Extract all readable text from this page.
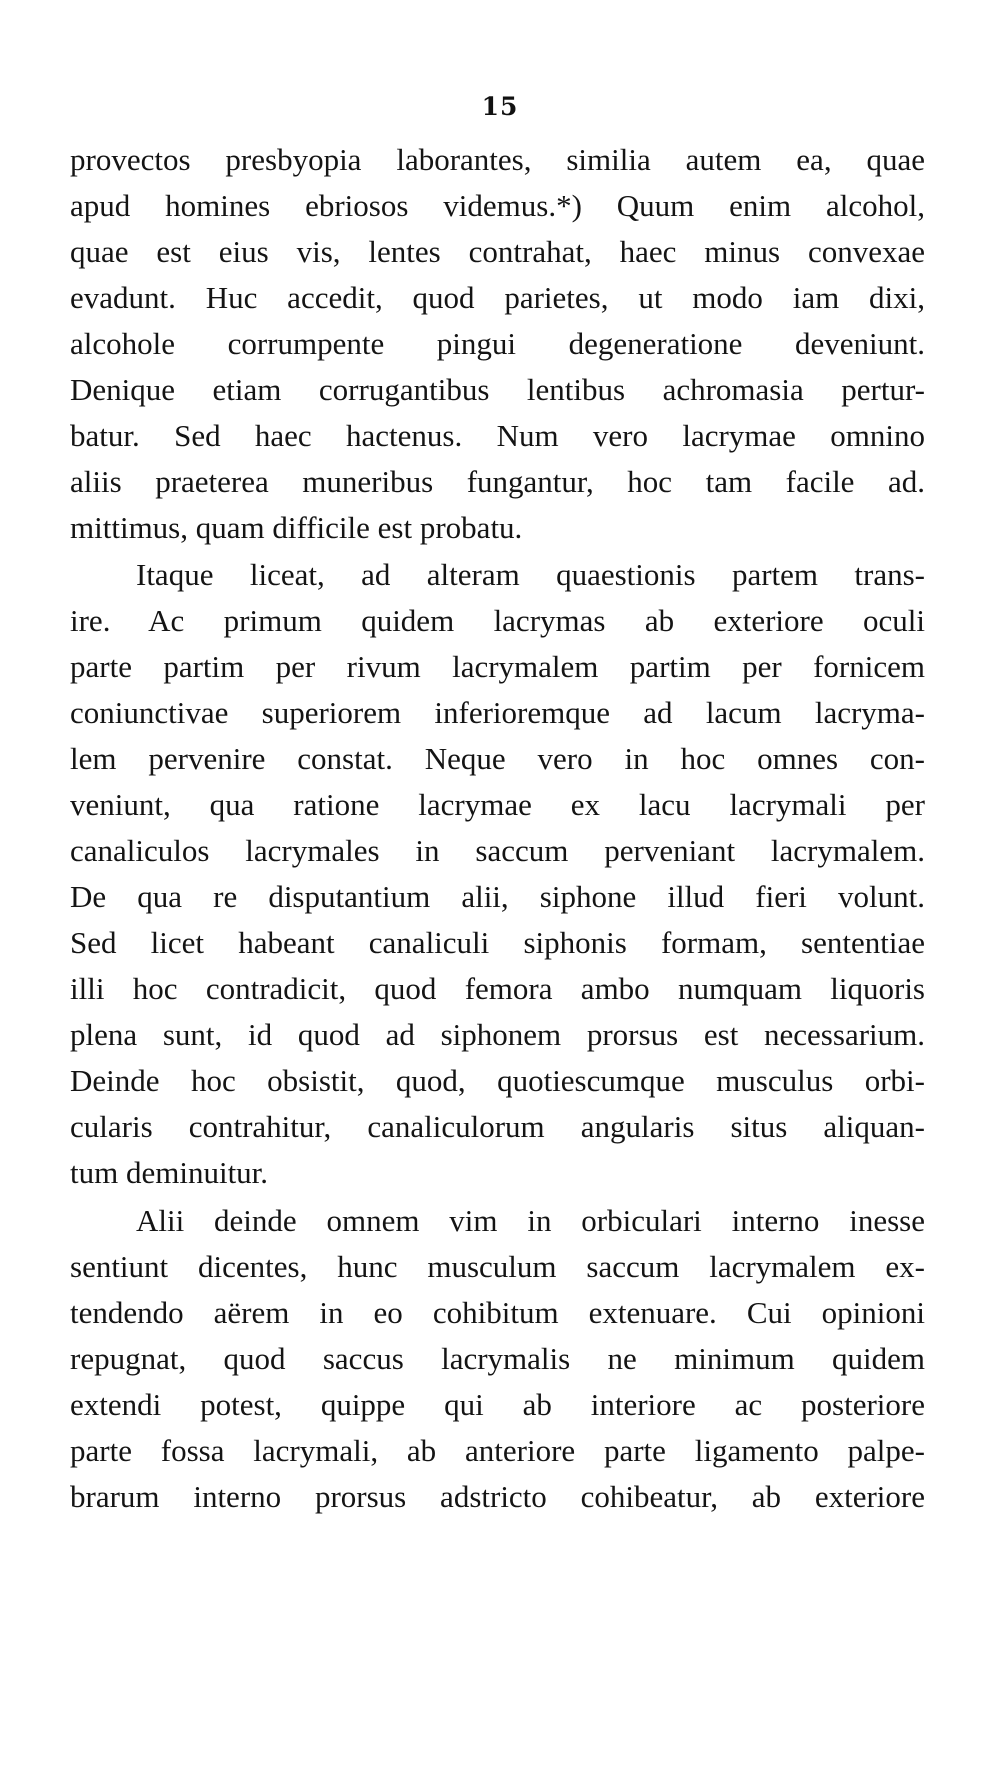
15
provectos presbyopia laborantes, similia autem ea, quae
apud homines ebriosos videmus.*) Quum enim alcohol,
quae est eius vis, lentes contrahat, haec minus convexae
evadunt. Huc accedit, quod parietes, ut modo iam dixi,
alcohole corrumpente pingui degeneratione deveniunt.
Denique etiam corrugantibus lentibus achromasia pertur-
batur. Sed haec hactenus. Num vero lacrymae omnino
aliis praeterea muneribus fungantur, hoc tam facile ad.
mittimus, quam difficile est probatu.
Itaque liceat, ad alteram quaestionis partem trans-
ire. Ac primum quidem lacrymas ab exteriore oculi
parte partim per rivum lacrymalem partim per fornicem
coniunctivae superiorem inferioremque ad lacum lacryma-
lem pervenire constat. Neque vero in hoc omnes con-
veniunt, qua ratione lacrymae ex lacu lacrymali per
canaliculos lacrymales in saccum perveniant lacrymalem.
De qua re disputantium alii, siphone illud fieri volunt.
Sed licet habeant canaliculi siphonis formam, sententiae
illi hoc contradicit, quod femora ambo numquam liquoris
plena sunt, id quod ad siphonem prorsus est necessarium.
Deinde hoc obsistit, quod, quotiescumque musculus orbi-
cularis contrahitur, canaliculorum angularis situs aliquan-
tum deminuitur.
Alii deinde omnem vim in orbiculari interno inesse
sentiunt dicentes, hunc musculum saccum lacrymalem ex-
tendendo aërem in eo cohibitum extenuare. Cui opinioni
repugnat, quod saccus lacrymalis ne minimum quidem
extendi potest, quippe qui ab interiore ac posteriore
parte fossa lacrymali, ab anteriore parte ligamento palpe-
brarum interno prorsus adstricto cohibeatur, ab exteriore
